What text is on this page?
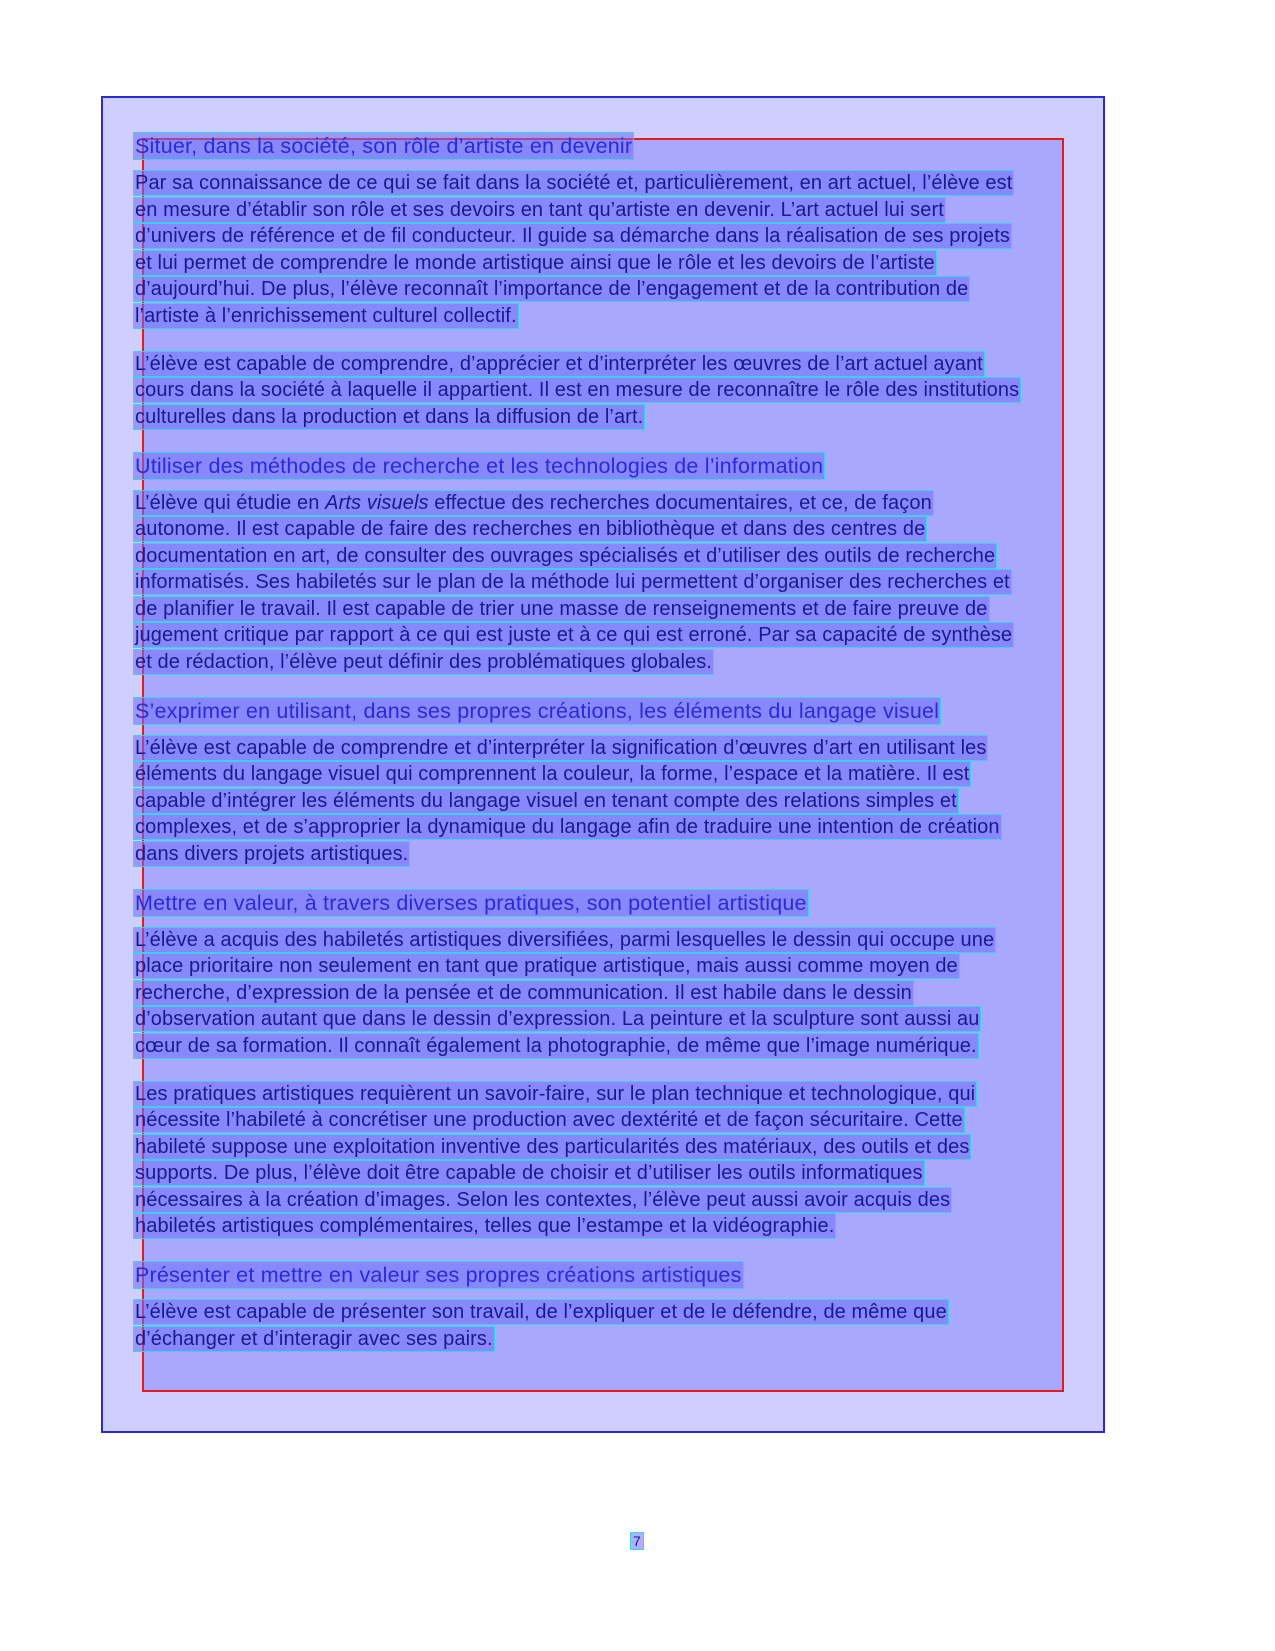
Situer, dans la société, son rôle d’artiste en devenir
Par sa connaissance de ce qui se fait dans la société et, particulièrement, en art actuel, l’élève est
en mesure d’établir son rôle et ses devoirs en tant qu’artiste en devenir. L’art actuel lui sert
d’univers de référence et de fil conducteur. Il guide sa démarche dans la réalisation de ses projets
et lui permet de comprendre le monde artistique ainsi que le rôle et les devoirs de l’artiste
d’aujourd’hui. De plus, l’élève reconnaît l’importance de l’engagement et de la contribution de
l’artiste à l’enrichissement culturel collectif.
L’élève est capable de comprendre, d’apprécier et d’interpréter les œuvres de l’art actuel ayant
cours dans la société à laquelle il appartient. Il est en mesure de reconnaître le rôle des institutions
culturelles dans la production et dans la diffusion de l’art.
Utiliser des méthodes de recherche et les technologies de l’information
L’élève qui étudie en Arts visuels effectue des recherches documentaires, et ce, de façon
autonome. Il est capable de faire des recherches en bibliothèque et dans des centres de
documentation en art, de consulter des ouvrages spécialisés et d’utiliser des outils de recherche
informatisés. Ses habiletés sur le plan de la méthode lui permettent d’organiser des recherches et
de planifier le travail. Il est capable de trier une masse de renseignements et de faire preuve de
jugement critique par rapport à ce qui est juste et à ce qui est erroné. Par sa capacité de synthèse
et de rédaction, l’élève peut définir des problématiques globales.
S’exprimer en utilisant, dans ses propres créations, les éléments du langage visuel
L’élève est capable de comprendre et d’interpréter la signification d’œuvres d’art en utilisant les
éléments du langage visuel qui comprennent la couleur, la forme, l’espace et la matière. Il est
capable d’intégrer les éléments du langage visuel en tenant compte des relations simples et
complexes, et de s’approprier la dynamique du langage afin de traduire une intention de création
dans divers projets artistiques.
Mettre en valeur, à travers diverses pratiques, son potentiel artistique
L’élève a acquis des habiletés artistiques diversifiées, parmi lesquelles le dessin qui occupe une
place prioritaire non seulement en tant que pratique artistique, mais aussi comme moyen de
recherche, d’expression de la pensée et de communication. Il est habile dans le dessin
d’observation autant que dans le dessin d’expression. La peinture et la sculpture sont aussi au
cœur de sa formation. Il connaît également la photographie, de même que l’image numérique.
Les pratiques artistiques requièrent un savoir-faire, sur le plan technique et technologique, qui
nécessite l’habileté à concrétiser une production avec dextérité et de façon sécuritaire. Cette
habileté suppose une exploitation inventive des particularités des matériaux, des outils et des
supports. De plus, l’élève doit être capable de choisir et d’utiliser les outils informatiques
nécessaires à la création d’images. Selon les contextes, l’élève peut aussi avoir acquis des
habiletés artistiques complémentaires, telles que l’estampe et la vidéographie.
Présenter et mettre en valeur ses propres créations artistiques
L’élève est capable de présenter son travail, de l’expliquer et de le défendre, de même que
d’échanger et d’interagir avec ses pairs.
7
